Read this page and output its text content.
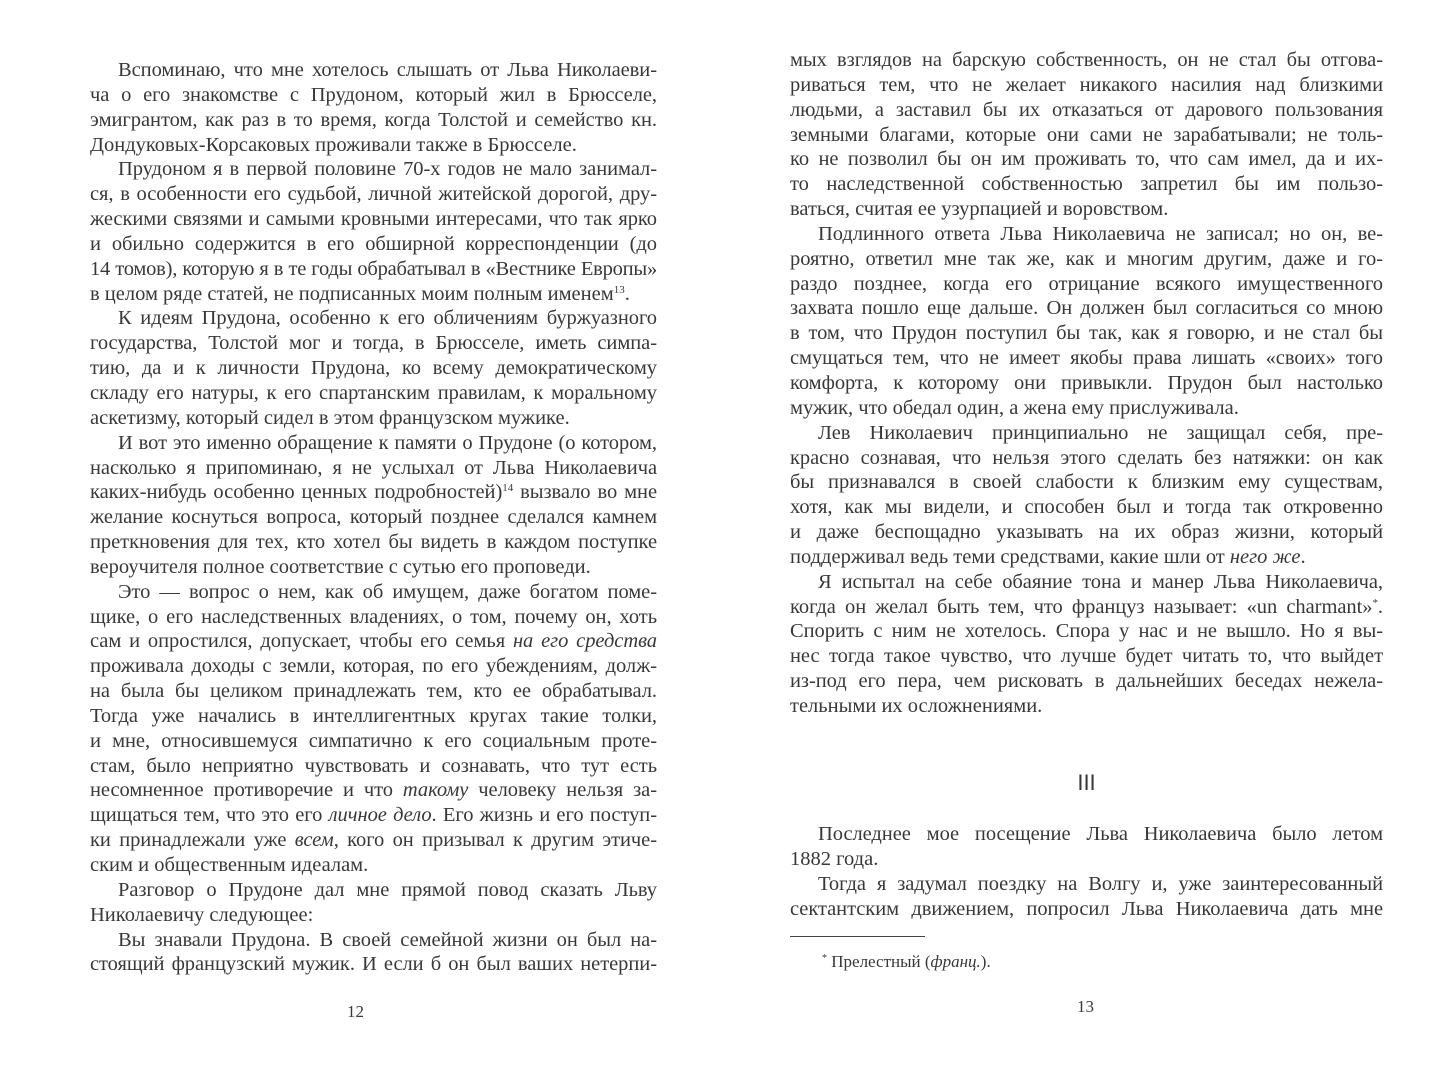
Вспоминаю, что мне хотелось слышать от Льва Николаеви-
ча о его знакомстве с Прудоном, который жил в Брюсселе,
эмигрантом, как раз в то время, когда Толстой и семейство кн.
Дондуковых-Корсаковых проживали также в Брюсселе.
Прудоном я в первой половине 70-х годов не мало занимал-
ся, в особенности его судьбой, личной житейской дорогой, дру-
жескими связями и самыми кровными интересами, что так ярко
и обильно содержится в его обширной корреспонденции (до
14 томов), которую я в те годы обрабатывал в «Вестнике Европы»
в целом ряде статей, не подписанных моим полным именем$^{13}$.
К идеям Прудона, особенно к его обличениям буржуазного
государства, Толстой мог и тогда, в Брюсселе, иметь симпа-
тию, да и к личности Прудона, ко всему демократическому
складу его натуры, к его спартанским правилам, к моральному
аскетизму, который сидел в этом французском мужике.
И вот это именно обращение к памяти о Прудоне (о котором,
насколько я припоминаю, я не услыхал от Льва Николаевича
каких-нибудь особенно ценных подробностей)$^{14}$ вызвало во мне
желание коснуться вопроса, который позднее сделался камнем
преткновения для тех, кто хотел бы видеть в каждом поступке
вероучителя полное соответствие с сутью его проповеди.
Это — вопрос о нем, как об имущем, даже богатом поме-
щике, о его наследственных владениях, о том, почему он, хоть
сам и опростился, допускает, чтобы его семья на его средства
проживала доходы с земли, которая, по его убеждениям, долж-
на была бы целиком принадлежать тем, кто ее обрабатывал.
Тогда уже начались в интеллигентных кругах такие толки,
и мне, относившемуся симпатично к его социальным проте-
стам, было неприятно чувствовать и сознавать, что тут есть
несомненное противоречие и что такому человеку нельзя за-
щищаться тем, что это его личное дело. Его жизнь и его поступ-
ки принадлежали уже всем, кого он призывал к другим этиче-
ским и общественным идеалам.
Разговор о Прудоне дал мне прямой повод сказать Льву
Николаевичу следующее:
Вы знавали Прудона. В своей семейной жизни он был на-
стоящий французский мужик. И если б он был ваших нетерпи-
12
мых взглядов на барскую собственность, он не стал бы отгова-
риваться тем, что не желает никакого насилия над близкими
людьми, а заставил бы их отказаться от дарового пользования
земными благами, которые они сами не зарабатывали; не толь-
ко не позволил бы он им проживать то, что сам имел, да и их-
то наследственной собственностью запретил бы им пользо-
ваться, считая ее узурпацией и воровством.
Подлинного ответа Льва Николаевича не записал; но он, ве-
роятно, ответил мне так же, как и многим другим, даже и го-
раздо позднее, когда его отрицание всякого имущественного
захвата пошло еще дальше. Он должен был согласиться со мною
в том, что Прудон поступил бы так, как я говорю, и не стал бы
смущаться тем, что не имеет якобы права лишать «своих» того
комфорта, к которому они привыкли. Прудон был настолько
мужик, что обедал один, а жена ему прислуживала.
Лев Николаевич принципиально не защищал себя, пре-
красно сознавая, что нельзя этого сделать без натяжки: он как
бы признавался в своей слабости к близким ему существам,
хотя, как мы видели, и способен был и тогда так откровенно
и даже беспощадно указывать на их образ жизни, который
поддерживал ведь теми средствами, какие шли от него же.
Я испытал на себе обаяние тона и манер Льва Николаевича,
когда он желал быть тем, что француз называет: «un charmant»*.
Спорить с ним не хотелось. Спора у нас и не вышло. Но я вы-
нес тогда такое чувство, что лучше будет читать то, что выйдет
из-под его пера, чем рисковать в дальнейших беседах нежела-
тельными их осложнениями.
III
Последнее мое посещение Льва Николаевича было летом
1882 года.
Тогда я задумал поездку на Волгу и, уже заинтересованный
сектантским движением, попросил Льва Николаевича дать мне
* Прелестный (франц.).
13
